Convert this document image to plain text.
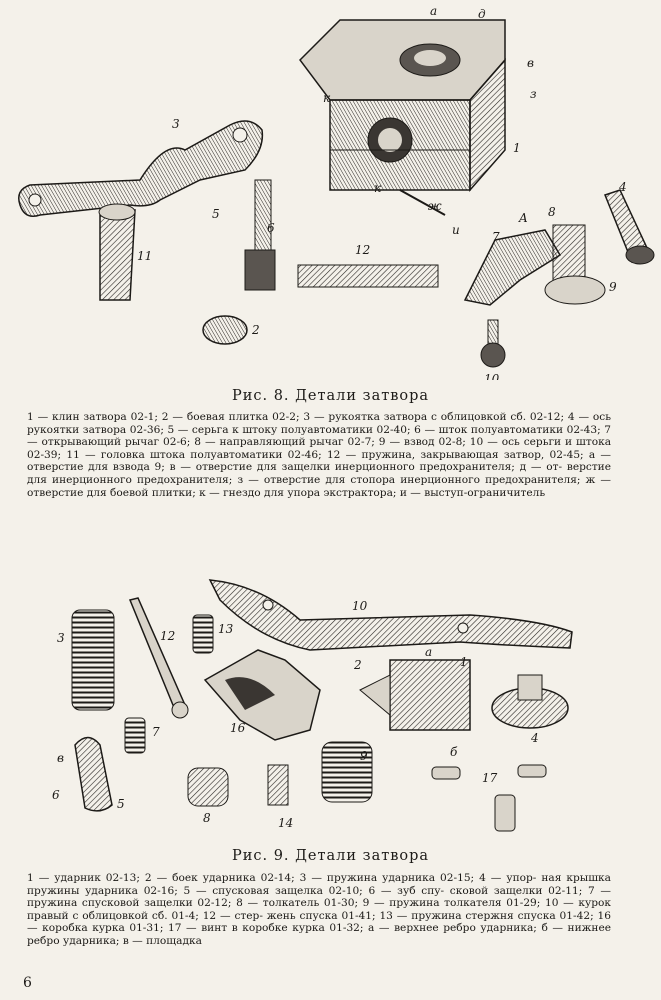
1
2
3
4
5
6
7
8
9
10
11	12
A
а	д
в
з
к
к
ж
и
Рис. 8. Детали затвора
1 — клин затвора 02-1; 2 — боевая плитка 02-2; 3 — рукоятка затвора с облицовкой сб. 02-12; 4 — ось рукоятки затвора 02-36; 5 — серьга к штоку полуавтоматики 02-40; 6 — шток полуавтоматики 02-43; 7 — открывающий рычаг 02-6; 8 — направляющий рычаг 02-7; 9 — взвод 02-8; 10 — ось серьги и штока 02-39; 11 — головка штока полуавтоматики 02-46; 12 — пружина, закрывающая затвор, 02-45; а — отверстие для взвода 9; в — отверстие для защелки инерционного предохранителя; д — от- верстие для инерционного предохранителя; з — отверстие для стопора инерционного предохранителя; ж — отверстие для боевой плитки; к — гнездо для упора экстрактора; и — выступ-ограничитель
1
2
3
4
5
6
7
8
9
10
12	13
14
16
17
а
б
в
Рис. 9. Детали затвора
1 — ударник 02-13; 2 — боек ударника 02-14; 3 — пружина ударника 02-15; 4 — упор- ная крышка пружины ударника 02-16; 5 — спусковая защелка 02-10; 6 — зуб спу- сковой защелки 02-11; 7 — пружина спусковой защелки 02-12; 8 — толкатель 01-30; 9 — пружина толкателя 01-29; 10 — курок правый с облицовкой сб. 01-4; 12 — стер- жень спуска 01-41; 13 — пружина стержня спуска 01-42; 16 — коробка курка 01-31; 17 — винт в коробке курка 01-32; а — верхнее ребро ударника; б — нижнее ребро ударника; в — площадка
6
